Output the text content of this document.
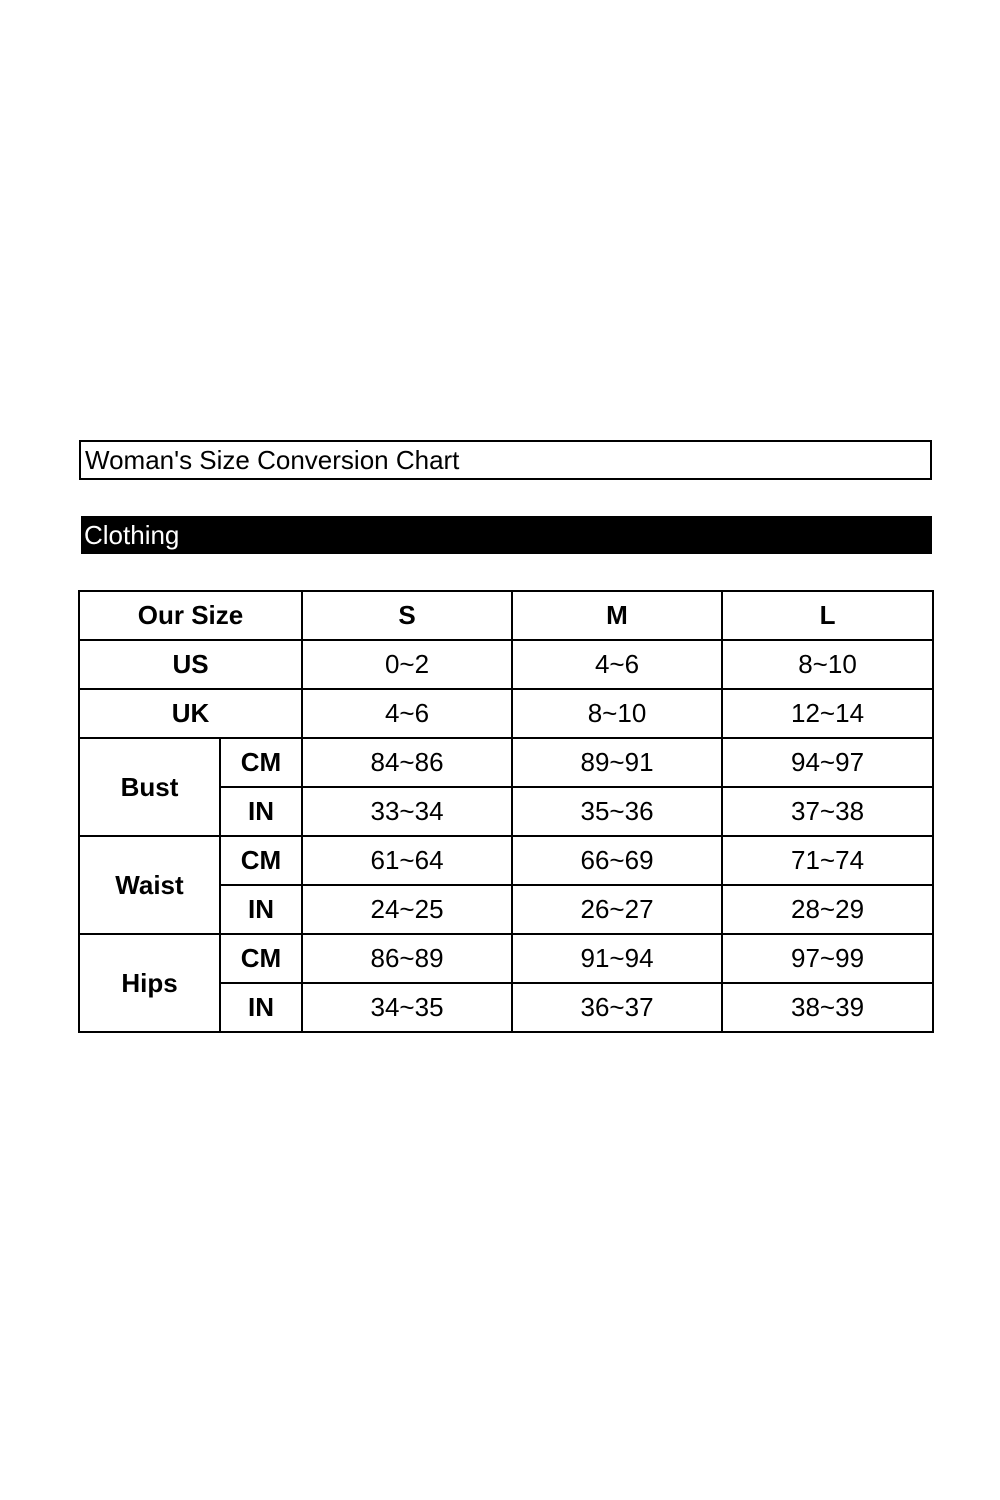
Woman's Size Conversion Chart
Clothing
Our Size		S	M	L
US		0~2	4~6	8~10
UK		4~6	8~10	12~14
Bust	CM	84~86	89~91	94~97
	IN	33~34	35~36	37~38
Waist	CM	61~64	66~69	71~74
	IN	24~25	26~27	28~29
Hips	CM	86~89	91~94	97~99
	IN	34~35	36~37	38~39
